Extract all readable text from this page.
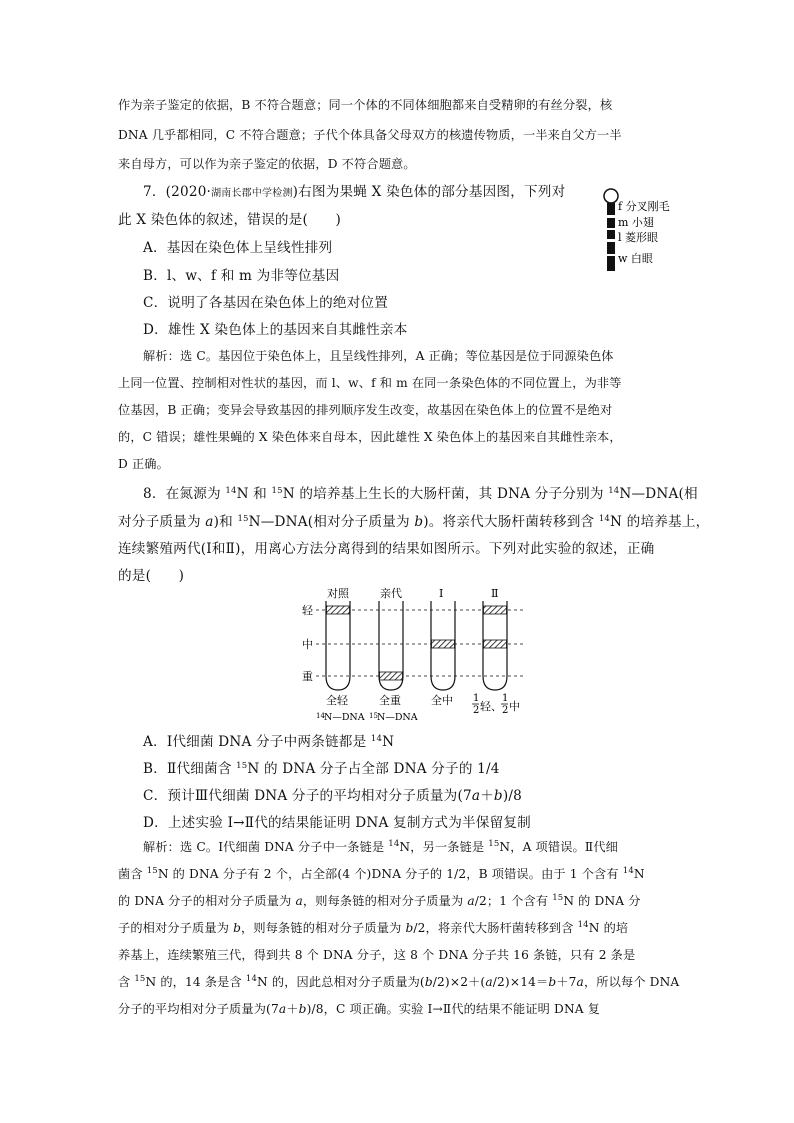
作为亲子鉴定的依据，B 不符合题意；同一个体的不同体细胞都来自受精卵的有丝分裂，核
DNA 几乎都相同，C 不符合题意；子代个体具备父母双方的核遗传物质，一半来自父方一半
来自母方，可以作为亲子鉴定的依据，D 不符合题意。
7．(2020·湖南长郡中学检测)右图为果蝇 X 染色体的部分基因图，下列对
此 X 染色体的叙述，错误的是(　　)
A．基因在染色体上呈线性排列
B．l、w、f 和 m 为非等位基因
C．说明了各基因在染色体上的绝对位置
D．雄性 X 染色体上的基因来自其雌性亲本
f 分叉刚毛
m 小翅
l 菱形眼
w 白眼
解析：选 C。基因位于染色体上，且呈线性排列，A 正确；等位基因是位于同源染色体
上同一位置、控制相对性状的基因，而 l、w、f 和 m 在同一条染色体的不同位置上，为非等
位基因，B 正确；变异会导致基因的排列顺序发生改变，故基因在染色体上的位置不是绝对
的，C 错误；雄性果蝇的 X 染色体来自母本，因此雄性 X 染色体上的基因来自其雌性亲本，
D 正确。
8．在氮源为 $^{14}$N 和 $^{15}$N 的培养基上生长的大肠杆菌，其 DNA 分子分别为 $^{14}$N—DNA(相
对分子质量为 a)和 $^{15}$N—DNA(相对分子质量为 b)。将亲代大肠杆菌转移到含 $^{14}$N 的培养基上，
连续繁殖两代(Ⅰ和Ⅱ)，用离心方法分离得到的结果如图所示。下列对此实验的叙述，正确
的是(　　)
对照	亲代	Ⅰ	Ⅱ
轻
中
重
全轻	全重	全中
14 N—DNA 15 N—DNA
1
2 轻、
1
2 中
A．Ⅰ代细菌 DNA 分子中两条链都是 $^{14}$N
B．Ⅱ代细菌含 $^{15}$N 的 DNA 分子占全部 DNA 分子的 1/4
C．预计Ⅲ代细菌 DNA 分子的平均相对分子质量为(7a＋b)/8
D．上述实验 Ⅰ→Ⅱ代的结果能证明 DNA 复制方式为半保留复制
解析：选 C。Ⅰ代细菌 DNA 分子中一条链是 $^{14}$N，另一条链是 $^{15}$N，A 项错误。Ⅱ代细
菌含 $^{15}$N 的 DNA 分子有 2 个，占全部(4 个)DNA 分子的 1/2，B 项错误。由于 1 个含有 $^{14}$N
的 DNA 分子的相对分子质量为 a，则每条链的相对分子质量为 a/2；1 个含有 $^{15}$N 的 DNA 分
子的相对分子质量为 b，则每条链的相对分子质量为 b/2，将亲代大肠杆菌转移到含 $^{14}$N 的培
养基上，连续繁殖三代，得到共 8 个 DNA 分子，这 8 个 DNA 分子共 16 条链，只有 2 条是
含 $^{15}$N 的，14 条是含 $^{14}$N 的，因此总相对分子质量为(b/2)×2＋(a/2)×14＝b＋7a，所以每个 DNA
分子的平均相对分子质量为(7a＋b)/8，C 项正确。实验 Ⅰ→Ⅱ代的结果不能证明 DNA 复
